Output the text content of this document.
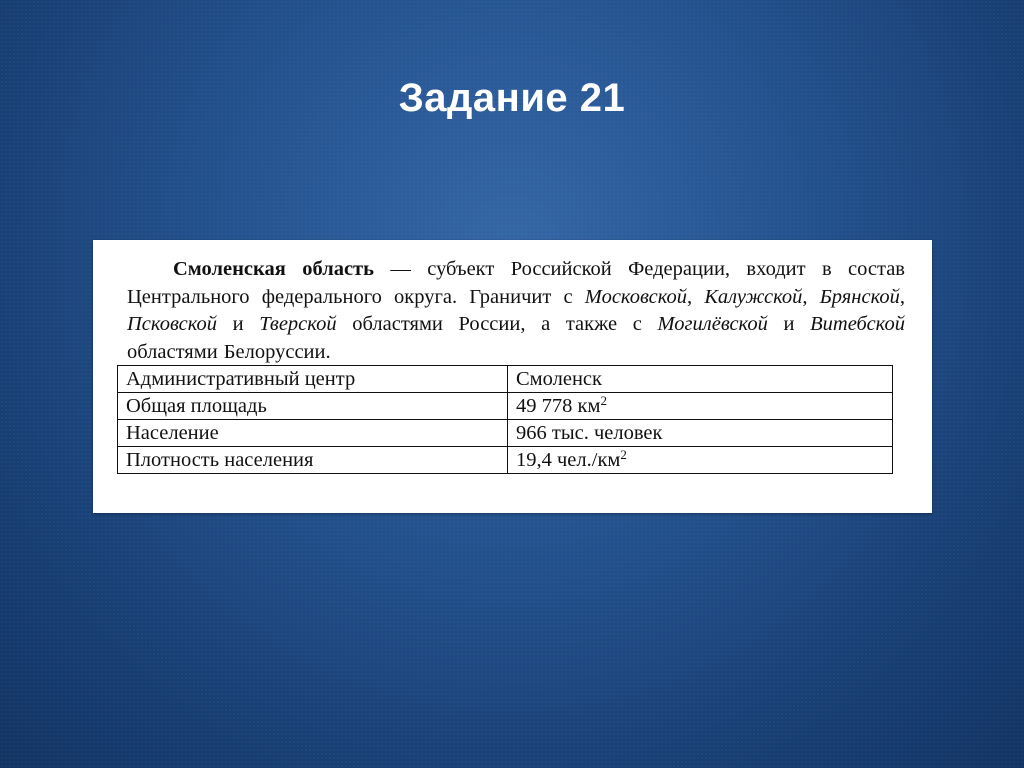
Задание 21

Смоленская область — субъект Российской Федерации, входит в состав Центрального федерального округа. Граничит с Московской, Калужской, Брянской, Псковской и Тверской областями России, а также с Могилёвской и Витебской областями Белоруссии.

Административный центр	Смоленск
Общая площадь	49 778 $км^2$
Население	966 тыс. человек
Плотность населения	19,4 $чел./км^2$
